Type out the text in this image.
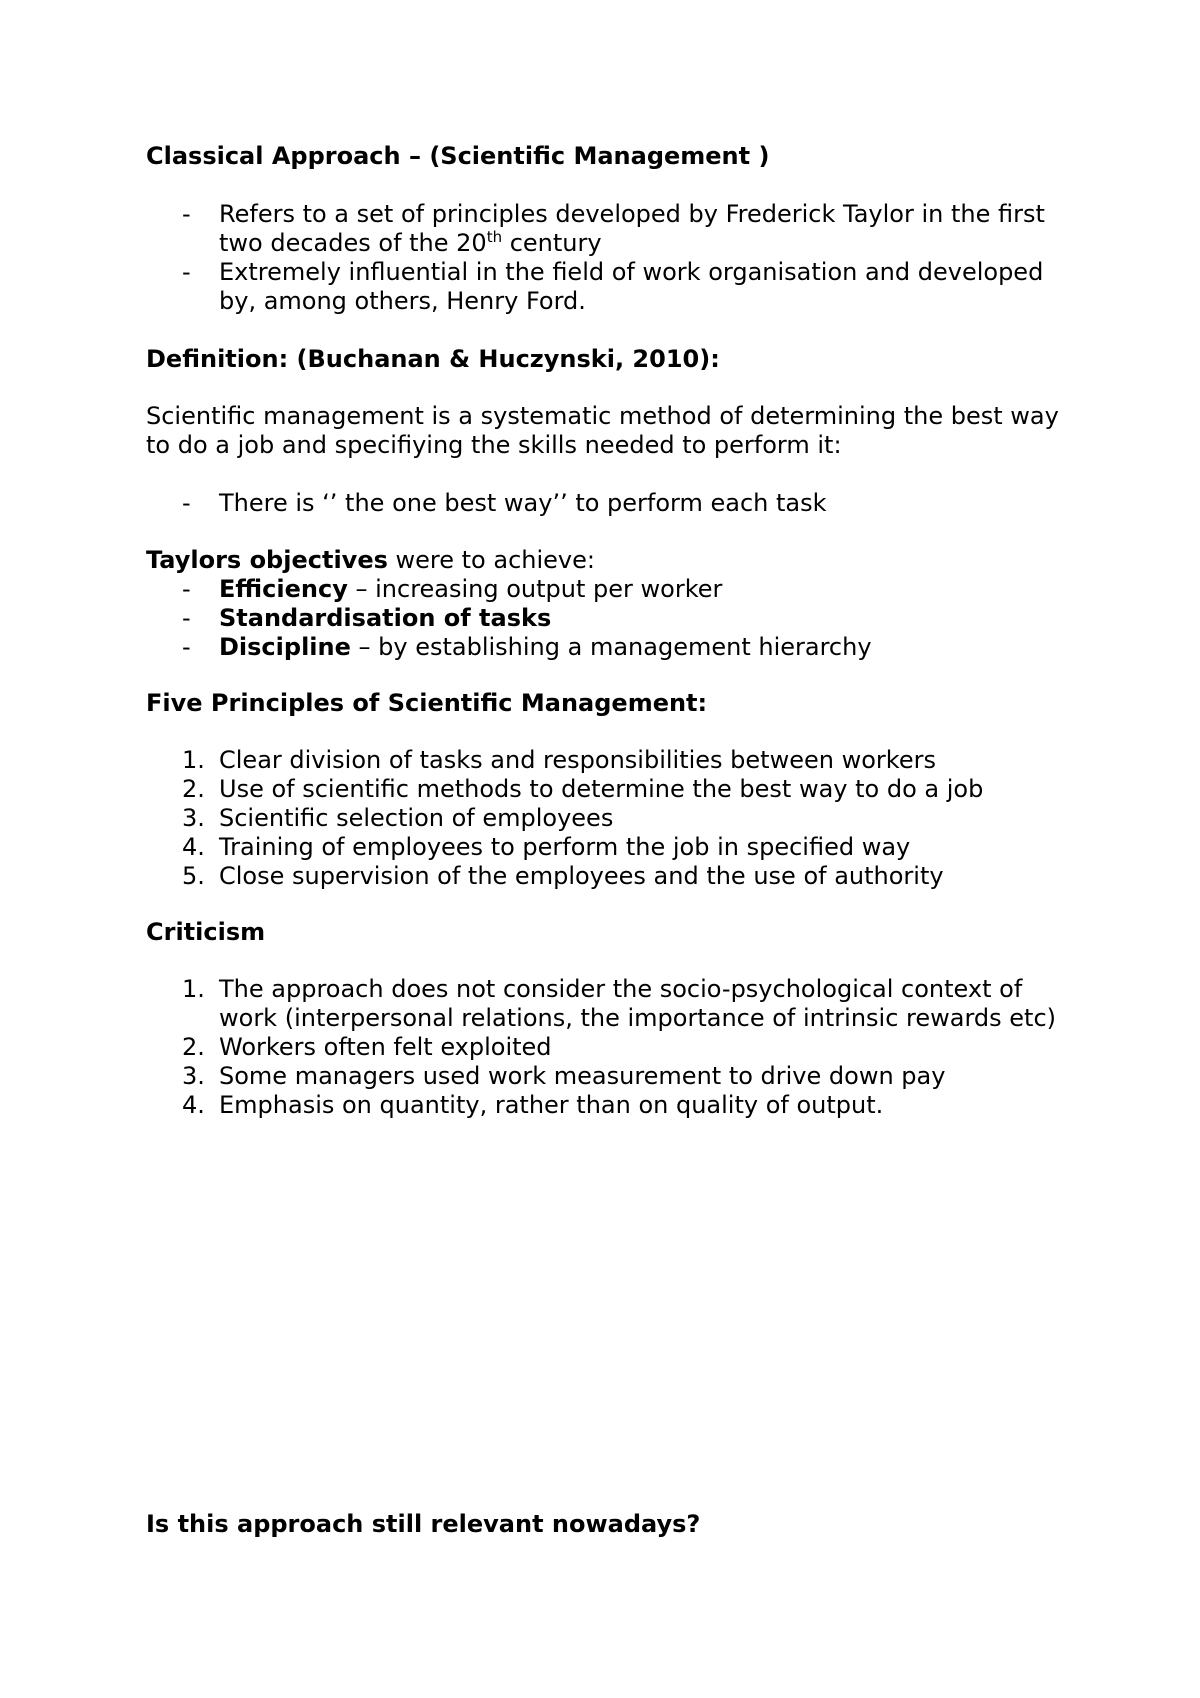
Classical Approach – (Scientific Management )
- Refers to a set of principles developed by Frederick Taylor in the first two decades of the 20th century
- Extremely influential in the field of work organisation and developed by, among others, Henry Ford.
Definition: (Buchanan & Huczynski, 2010):
Scientific management is a systematic method of determining the best way to do a job and specifiying the skills needed to perform it:
- There is ‘’ the one best way’’ to perform each task
Taylors objectives were to achieve:
- Efficiency – increasing output per worker
- Standardisation of tasks
- Discipline – by establishing a management hierarchy
Five Principles of Scientific Management:
1. Clear division of tasks and responsibilities between workers
2. Use of scientific methods to determine the best way to do a job
3. Scientific selection of employees
4. Training of employees to perform the job in specified way
5. Close supervision of the employees and the use of authority
Criticism
1. The approach does not consider the socio-psychological context of work (interpersonal relations, the importance of intrinsic rewards etc)
2. Workers often felt exploited
3. Some managers used work measurement to drive down pay
4. Emphasis on quantity, rather than on quality of output.
Is this approach still relevant nowadays?
